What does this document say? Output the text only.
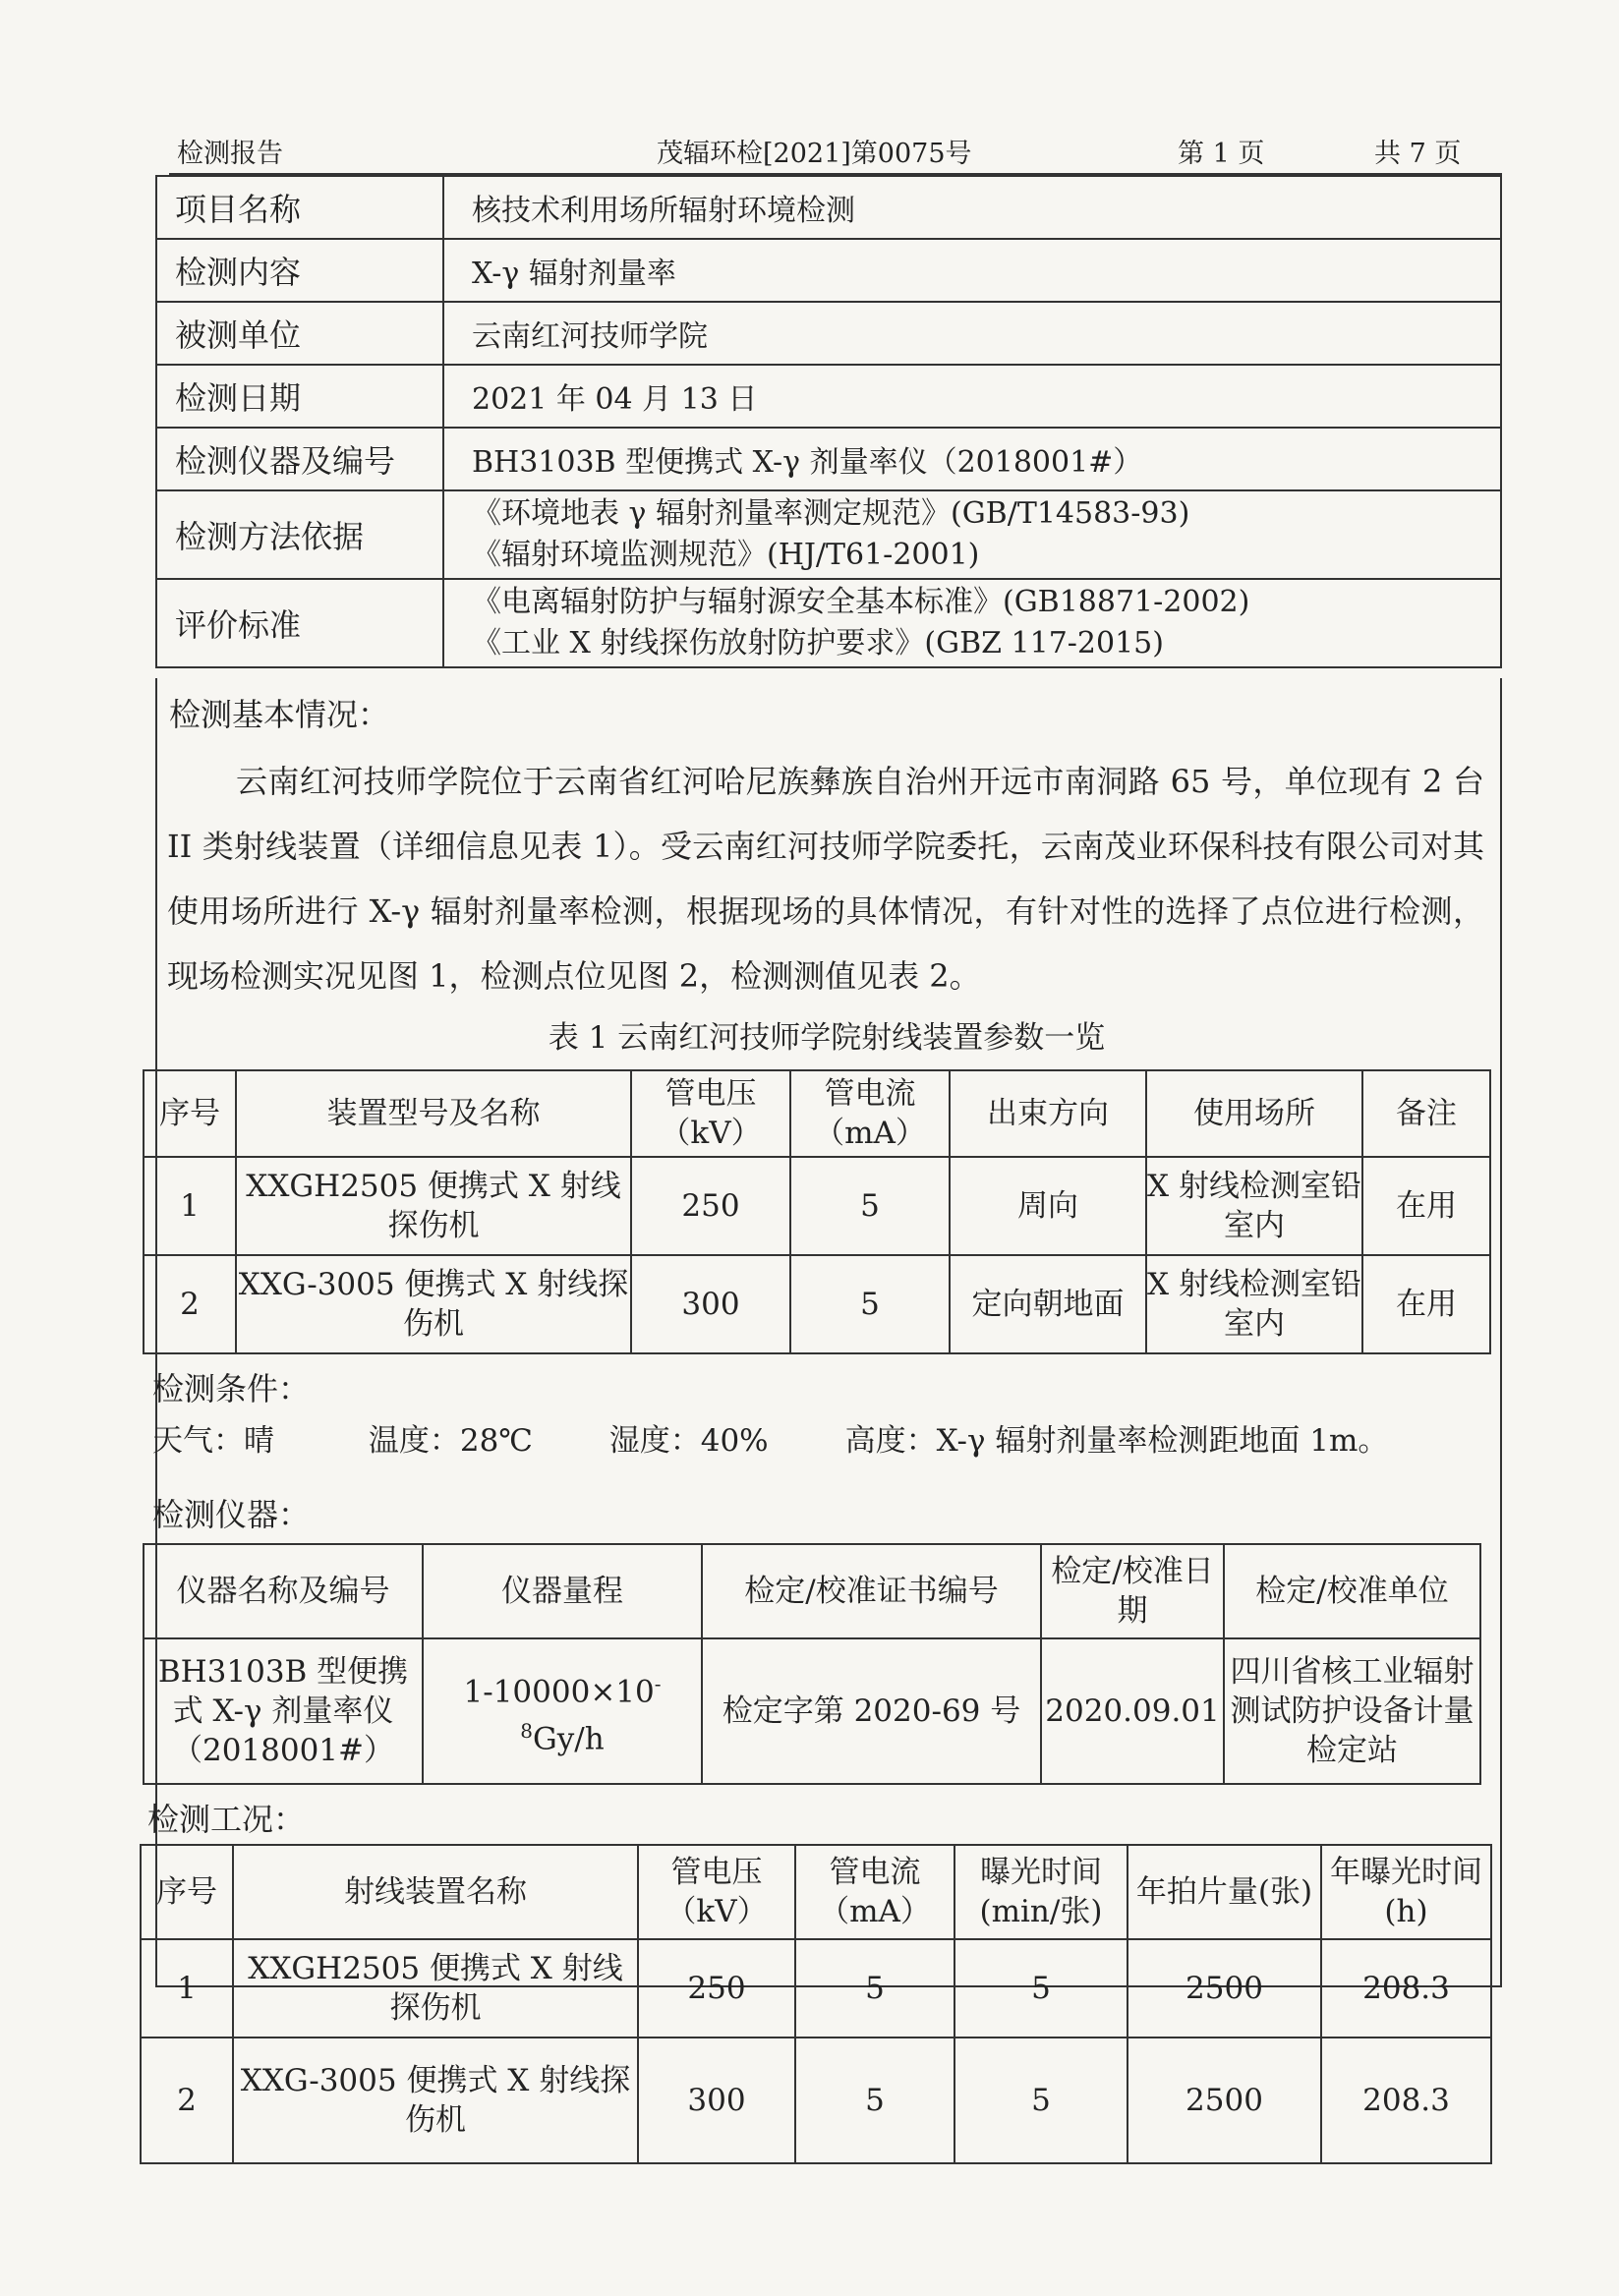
检测报告	茂辐环检[2021]第0075号	第 1 页	共 7 页
项目名称	核技术利用场所辐射环境检测
检测内容	X-γ 辐射剂量率
被测单位	云南红河技师学院
检测日期	2021 年 04 月 13 日
检测仪器及编号	BH3103B 型便携式 X-γ 剂量率仪（2018001#）
检测方法依据	《环境地表 γ 辐射剂量率测定规范》(GB/T14583-93)
《辐射环境监测规范》(HJ/T61-2001)

评价标准	《电离辐射防护与辐射源安全基本标准》(GB18871-2002)
《工业 X 射线探伤放射防护要求》(GBZ 117-2015)
检测基本情况：
云南红河技师学院位于云南省红河哈尼族彝族自治州开远市南洞路 65 号，单位现有 2 台 II 类射线装置（详细信息见表 1）。受云南红河技师学院委托，云南茂业环保科技有限公司对其使用场所进行 X-γ 辐射剂量率检测，根据现场的具体情况，有针对性的选择了点位进行检测，现场检测实况见图 1，检测点位见图 2，检测测值见表 2。
表 1 云南红河技师学院射线装置参数一览
序号	装置型号及名称	管电压（kV）	管电流（mA）	出束方向	使用场所	备注
1	XXGH2505 便携式 X 射线探伤机	250	5	周向	X 射线检测室铅室内	在用
2	XXG-3005 便携式 X 射线探伤机	300	5	定向朝地面	X 射线检测室铅室内	在用
检测条件：
天气：晴	温度：28℃	湿度：40%	高度：X-γ 辐射剂量率检测距地面 1m。
检测仪器：
仪器名称及编号	仪器量程	检定/校准证书编号	检定/校准日期	检定/校准单位
BH3103B 型便携式 X-γ 剂量率仪（2018001#）	$1-10000\times 10^{-8}Gy/h$	检定字第 2020-69 号	2020.09.01	四川省核工业辐射测试防护设备计量检定站
检测工况：
序号	射线装置名称	管电压（kV）	管电流（mA）	曝光时间(min/张)	年拍片量(张)	年曝光时间(h)
1	XXGH2505 便携式 X 射线探伤机	250	5	5	2500	208.3
2	XXG-3005 便携式 X 射线探伤机	300	5	5	2500	208.3
